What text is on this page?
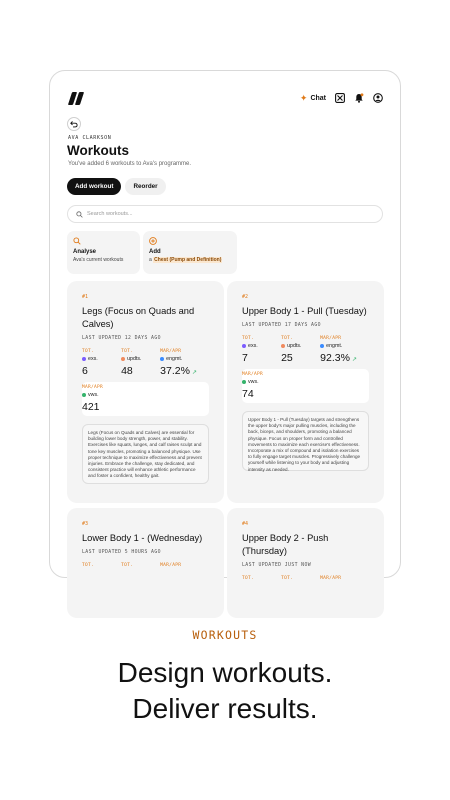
✦ Chat
AVA CLARKSON
Workouts
You've added 6 workouts to Ava's programme.
Add workout	Reorder
Search workouts...
Analyse
Ava's current workouts
Add
a Chest (Pump and Definition)
#1
Legs (Focus on Quads and Calves)
LAST UPDATED 12 DAYS AGO
TOT.
exs.
6
TOT.
updts.
48
MAR/APR
engmt.
37.2% ↗
MAR/APR
vws.
421
Legs (Focus on Quads and Calves) are essential for building lower body strength, power, and stability. Exercises like squats, lunges, and calf raises sculpt and tone key muscles, promoting a balanced physique. Use proper technique to maximize effectiveness and prevent injuries. Embrace the challenge, stay dedicated, and consistent practice will enhance athletic performance and foster a confident, healthy gait.
#2
Upper Body 1 - Pull (Tuesday)
LAST UPDATED 17 DAYS AGO
TOT.
exs.
7
TOT.
updts.
25
MAR/APR
engmt.
92.3% ↗
MAR/APR
vws.
74
Upper Body 1 - Pull (Tuesday) targets and strengthens the upper body's major pulling muscles, including the back, biceps, and shoulders, promoting a balanced physique. Focus on proper form and controlled movements to maximize each exercise's effectiveness. Incorporate a mix of compound and isolation exercises to fully engage target muscles. Progressively challenge yourself while listening to your body and adjusting intensity as needed.
#3
Lower Body 1 - (Wednesday)
LAST UPDATED 5 HOURS AGO
TOT.	TOT.	MAR/APR
#4
Upper Body 2 - Push (Thursday)
LAST UPDATED JUST NOW
TOT.	TOT.	MAR/APR
WORKOUTS
Design workouts.
Deliver results.
